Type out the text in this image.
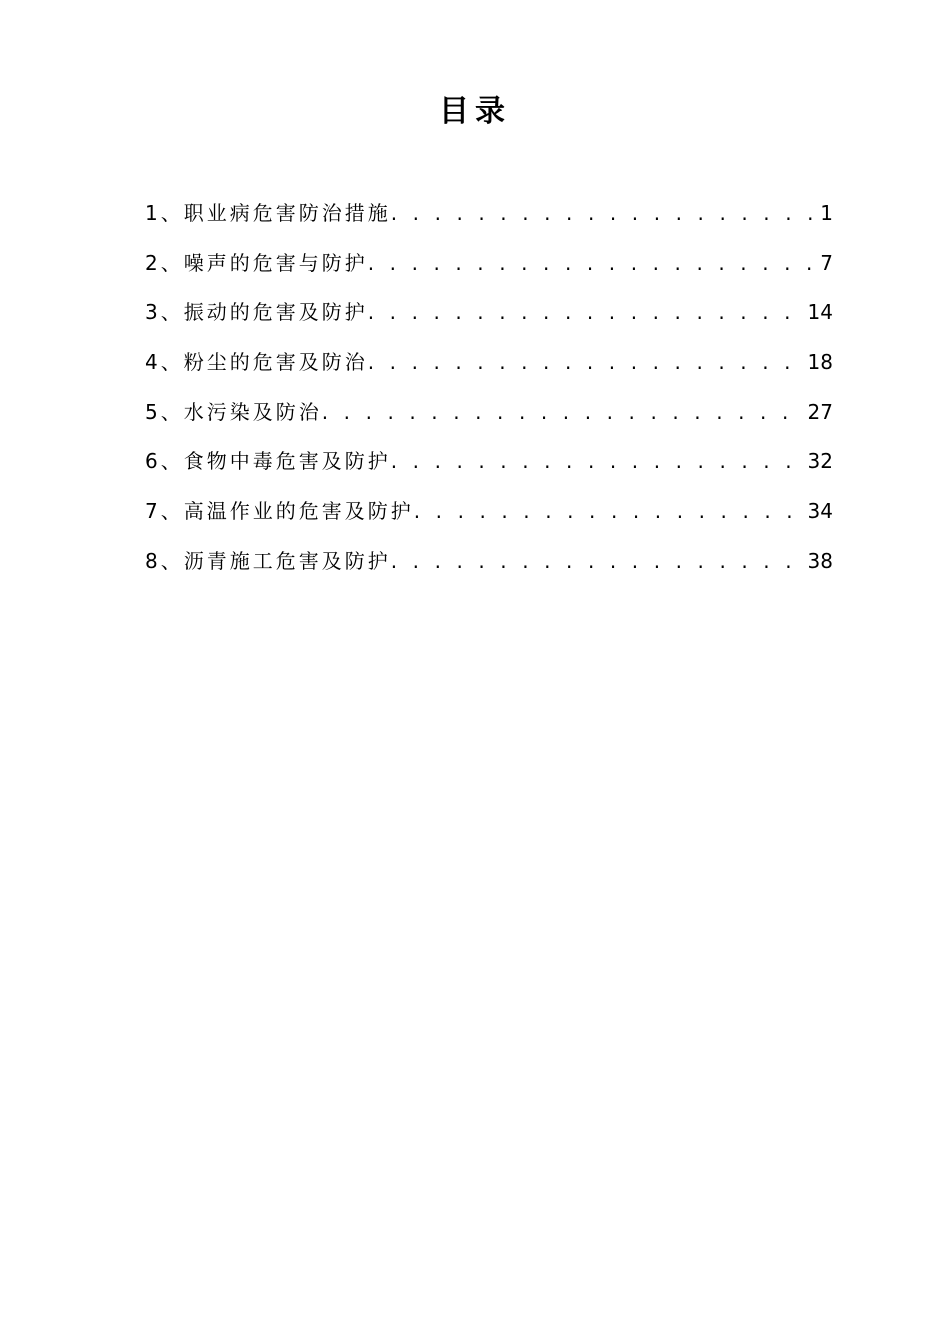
目录
1、职业病危害防治措施 . . .	1
2、噪声的危害与防护 . . .	7
3、振动的危害及防护 . . .	14
4、粉尘的危害及防治 . . .	18
5、水污染及防治 . . .	27
6、食物中毒危害及防护 . . .	32
7、高温作业的危害及防护 . . .	34
8、沥青施工危害及防护 . . .	38
